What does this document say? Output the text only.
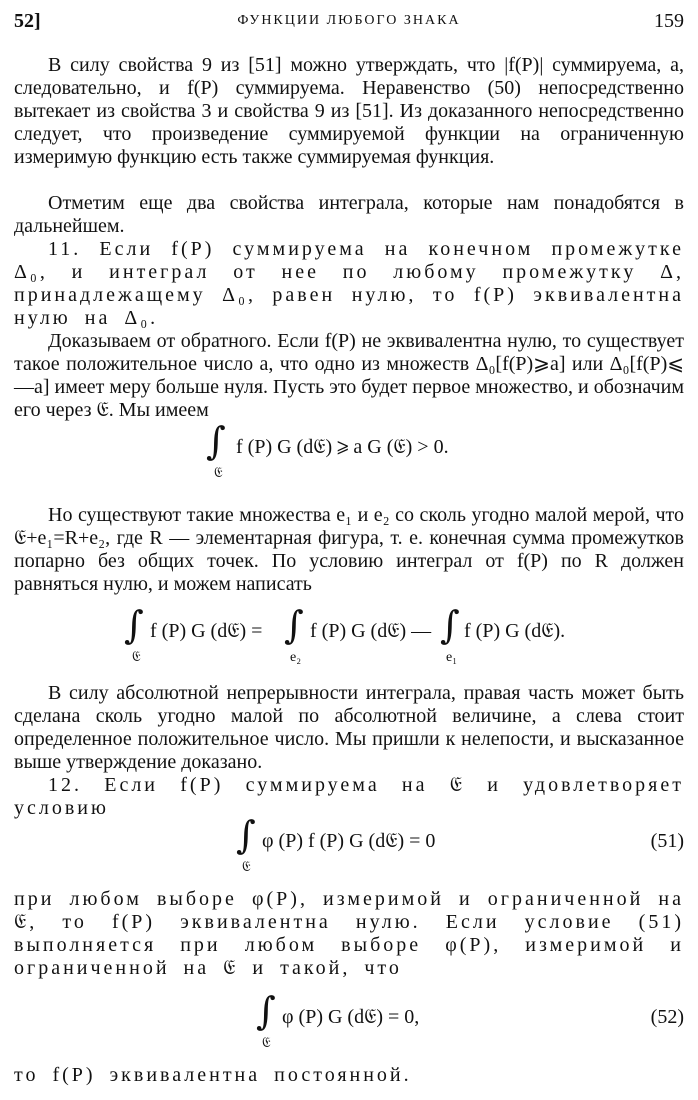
52]	ФУНКЦИИ ЛЮБОГО ЗНАКА	159

В силу свойства 9 из [51] можно утверждать, что |f(P)| суммируема, а, следовательно, и f(P) суммируема. Неравенство (50) непосредственно вытекает из свойства 3 и свойства 9 из [51]. Из доказанного непосредственно следует, что произведение суммируемой функции на ограниченную измеримую функцию есть также суммируемая функция.

Отметим еще два свойства интеграла, которые нам понадобятся в дальнейшем.

11. Если f(P) суммируема на конечном промежутке Δ₀, и интеграл от нее по любому промежутку Δ, принадлежащему Δ₀, равен нулю, то f(P) эквивалентна нулю на Δ₀.

Доказываем от обратного. Если f(P) не эквивалентна нулю, то существует такое положительное число a, что одно из множеств Δ₀[f(P)⩾a] или Δ₀[f(P)⩽—a] имеет меру больше нуля. Пусть это будет первое множество, и обозначим его через 𝔈. Мы имеем

∫
𝔈
f (P) G (d𝔈) ⩾ a G (𝔈) > 0.

Но существуют такие множества e₁ и e₂ со сколь угодно малой мерой, что 𝔈+e₁=R+e₂, где R — элементарная фигура, т. е. конечная сумма промежутков попарно без общих точек. По условию интеграл от f(P) по R должен равняться нулю, и можем написать

∫
𝔈
f (P) G (d𝔈) = ∫
e₂
f (P) G (d𝔈) — ∫
e₁
f (P) G (d𝔈).

В силу абсолютной непрерывности интеграла, правая часть может быть сделана сколь угодно малой по абсолютной величине, а слева стоит определенное положительное число. Мы пришли к нелепости, и высказанное выше утверждение доказано.

12. Если f(P) суммируема на 𝔈 и удовлетворяет условию

∫
𝔈
φ (P) f (P) G (d𝔈) = 0	(51)

при любом выборе φ(P), измеримой и ограниченной на 𝔈, то f(P) эквивалентна нулю. Если условие (51) выполняется при любом выборе φ(P), измеримой и ограниченной на 𝔈 и такой, что

∫
𝔈
φ (P) G (d𝔈) = 0,	(52)

то f(P) эквивалентна постоянной.
